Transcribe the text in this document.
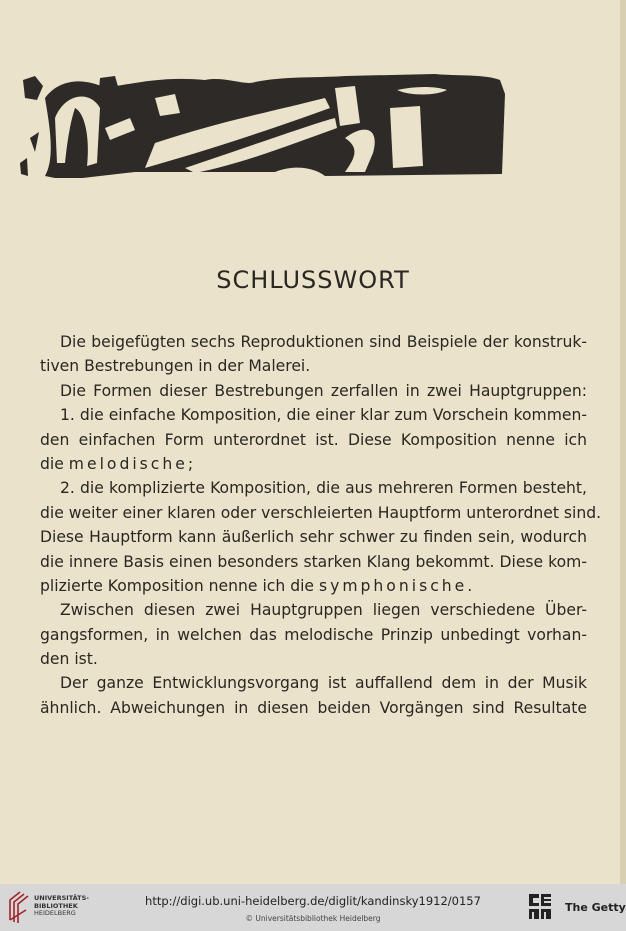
SCHLUSSWORT
Die beigefügten sechs Reproduktionen sind Beispiele der konstruk-
tiven Bestrebungen in der Malerei.
Die Formen dieser Bestrebungen zerfallen in zwei Hauptgruppen:
1. die einfache Komposition, die einer klar zum Vorschein kommen-
den einfachen Form unterordnet ist. Diese Komposition nenne ich
die melodische;
2. die komplizierte Komposition, die aus mehreren Formen besteht,
die weiter einer klaren oder verschleierten Hauptform unterordnet sind.
Diese Hauptform kann äußerlich sehr schwer zu finden sein, wodurch
die innere Basis einen besonders starken Klang bekommt. Diese kom-
plizierte Komposition nenne ich die symphonische.
Zwischen diesen zwei Hauptgruppen liegen verschiedene Über-
gangsformen, in welchen das melodische Prinzip unbedingt vorhan-
den ist.
Der ganze Entwicklungsvorgang ist auffallend dem in der Musik
ähnlich. Abweichungen in diesen beiden Vorgängen sind Resultate
UNIVERSITÄTS-
BIBLIOTHEK
HEIDELBERG
http://digi.ub.uni-heidelberg.de/diglit/kandinsky1912/0157
© Universitätsbibliothek Heidelberg
The Getty
